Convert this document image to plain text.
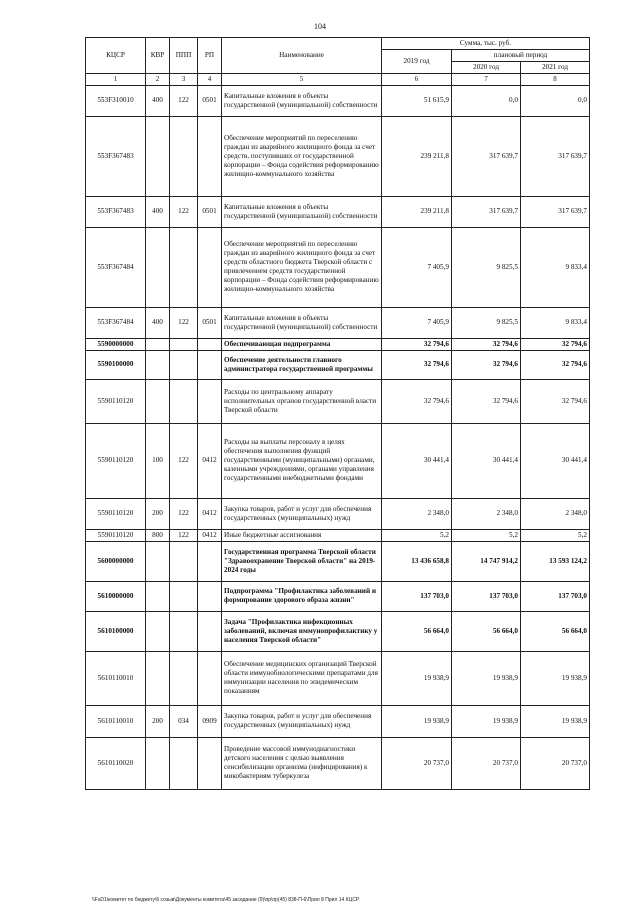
104
КЦСР	КВР	ППП	РП	Наименование	Сумма, тыс. руб.		
					2019 год	плановый период	
						2020 год	2021 год
1	2	3	4	5	6	7	8
553F310010	400	122	0501	Капитальные вложения в объекты государственной (муниципальной) собственности	51 615,9	0,0	0,0
553F367483				Обеспечение мероприятий по переселению граждан из аварийного жилищного фонда за счет средств, поступивших от государственной корпорации – Фонда содействия реформированию жилищно-коммунального хозяйства	239 211,8	317 639,7	317 639,7
553F367483	400	122	0501	Капитальные вложения в объекты государственной (муниципальной) собственности	239 211,8	317 639,7	317 639,7
553F367484				Обеспечение мероприятий по переселению граждан из аварийного жилищного фонда за счет средств областного бюджета Тверской области с привлечением средств государственной корпорации – Фонда содействия реформированию жилищно-коммунального хозяйства	7 405,9	9 825,5	9 833,4
553F367484	400	122	0501	Капитальные вложения в объекты государственной (муниципальной) собственности	7 405,9	9 825,5	9 833,4
5590000000				Обеспечивающая подпрограмма	32 794,6	32 794,6	32 794,6
5590100000				Обеспечение деятельности главного администратора государственной программы	32 794,6	32 794,6	32 794,6
5590110120				Расходы по центральному аппарату исполнительных органов государственной власти Тверской области	32 794,6	32 794,6	32 794,6
5590110120	100	122	0412	Расходы на выплаты персоналу в целях обеспечения выполнения функций государственными (муниципальными) органами, казенными учреждениями, органами управления государственными внебюджетными фондами	30 441,4	30 441,4	30 441,4
5590110120	200	122	0412	Закупка товаров, работ и услуг для обеспечения государственных (муниципальных) нужд	2 348,0	2 348,0	2 348,0
5590110120	800	122	0412	Иные бюджетные ассигнования	5,2	5,2	5,2
5600000000				Государственная программа Тверской области "Здравоохранение Тверской области" на 2019-2024 годы	13 436 658,8	14 747 914,2	13 593 124,2
5610000000				Подпрограмма "Профилактика заболеваний и формирование здорового образа жизни"	137 703,0	137 703,0	137 703,0
5610100000				Задача "Профилактика инфекционных заболеваний, включая иммунопрофилактику у населения Тверской области"	56 664,0	56 664,0	56 664,0
5610110010				Обеспечение медицинских организаций Тверской области иммунобиологическими препаратами для иммунизации населения по эпидемическим показаниям	19 938,9	19 938,9	19 938,9
5610110010	200	034	0909	Закупка товаров, работ и услуг для обеспечения государственных (муниципальных) нужд	19 938,9	19 938,9	19 938,9
5610110020				Проведение массовой иммунодиагностики детского населения с целью выявления сенсибилизации организма (инфицирования) к микобактериям туберкулеза	20 737,0	20 737,0	20 737,0
\\FsD1\комитет по бюджету\6 созыв\Документы комитета\45 заседание (9)\пр\пр(45) 838-П-6\Прил 8 Прил 14 КЦСР
